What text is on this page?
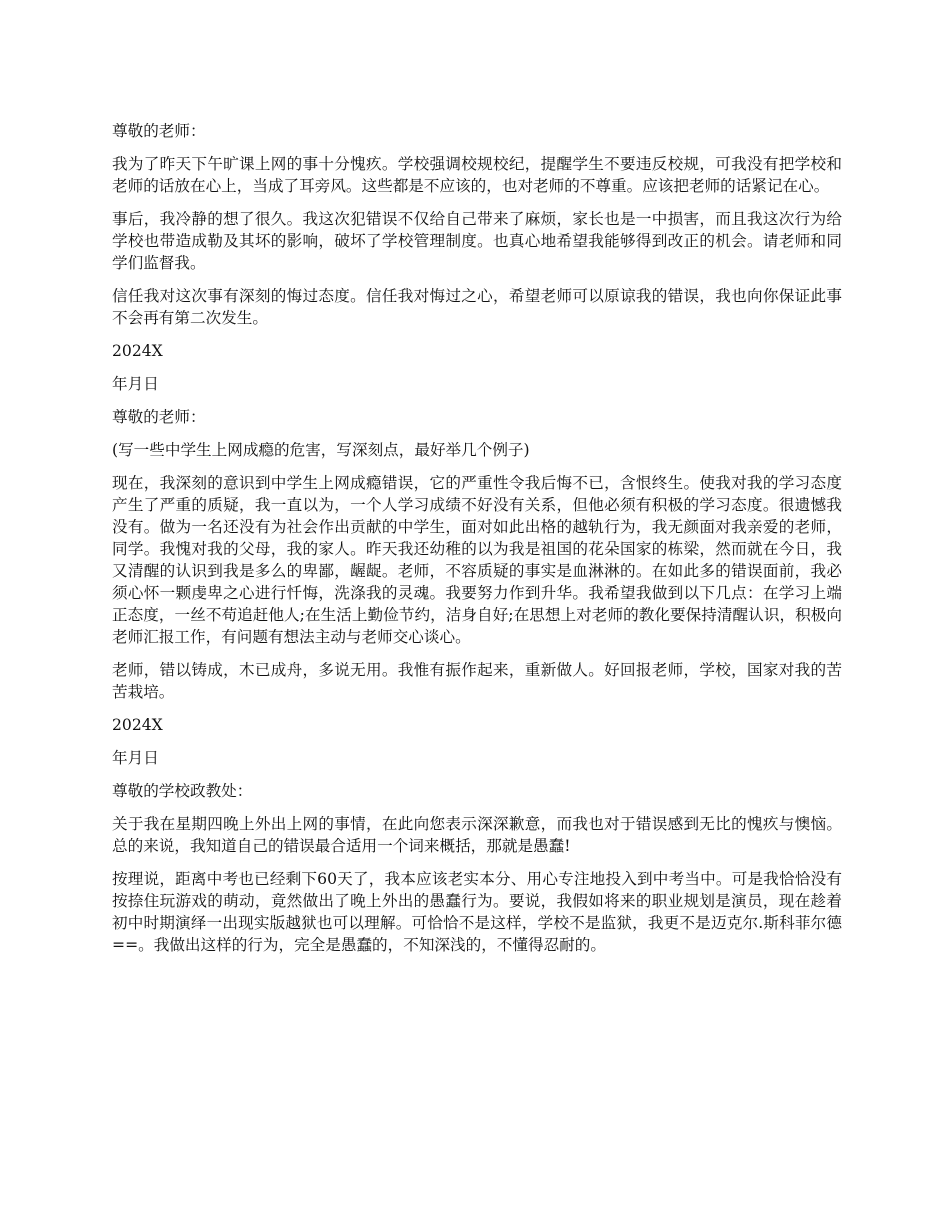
尊敬的老师：

我为了昨天下午旷课上网的事十分愧疚。学校强调校规校纪，提醒学生不要违反校规，可我没有把学校和老师的话放在心上，当成了耳旁风。这些都是不应该的，也对老师的不尊重。应该把老师的话紧记在心。

事后，我冷静的想了很久。我这次犯错误不仅给自己带来了麻烦，家长也是一中损害，而且我这次行为给学校也带造成勒及其坏的影响，破坏了学校管理制度。也真心地希望我能够得到改正的机会。请老师和同学们监督我。

信任我对这次事有深刻的悔过态度。信任我对悔过之心，希望老师可以原谅我的错误，我也向你保证此事不会再有第二次发生。

2024X

年月日

尊敬的老师：

(写一些中学生上网成瘾的危害，写深刻点，最好举几个例子)

现在，我深刻的意识到中学生上网成瘾错误，它的严重性令我后悔不已，含恨终生。使我对我的学习态度产生了严重的质疑，我一直以为，一个人学习成绩不好没有关系，但他必须有积极的学习态度。很遗憾我没有。做为一名还没有为社会作出贡献的中学生，面对如此出格的越轨行为，我无颜面对我亲爱的老师，同学。我愧对我的父母，我的家人。昨天我还幼稚的以为我是祖国的花朵国家的栋梁，然而就在今日，我又清醒的认识到我是多么的卑鄙，龌龊。老师，不容质疑的事实是血淋淋的。在如此多的错误面前，我必须心怀一颗虔卑之心进行忏悔，洗涤我的灵魂。我要努力作到升华。我希望我做到以下几点：在学习上端正态度，一丝不苟追赶他人;在生活上勤俭节约，洁身自好;在思想上对老师的教化要保持清醒认识，积极向老师汇报工作，有问题有想法主动与老师交心谈心。

老师，错以铸成，木已成舟，多说无用。我惟有振作起来，重新做人。好回报老师，学校，国家对我的苦苦栽培。

2024X

年月日

尊敬的学校政教处：

关于我在星期四晚上外出上网的事情，在此向您表示深深歉意，而我也对于错误感到无比的愧疚与懊恼。总的来说，我知道自己的错误最合适用一个词来概括，那就是愚蠢!

按理说，距离中考也已经剩下60天了，我本应该老实本分、用心专注地投入到中考当中。可是我恰恰没有按捺住玩游戏的萌动，竟然做出了晚上外出的愚蠢行为。要说，我假如将来的职业规划是演员，现在趁着初中时期演绎一出现实版越狱也可以理解。可恰恰不是这样，学校不是监狱，我更不是迈克尔.斯科菲尔德==。我做出这样的行为，完全是愚蠢的，不知深浅的，不懂得忍耐的。
